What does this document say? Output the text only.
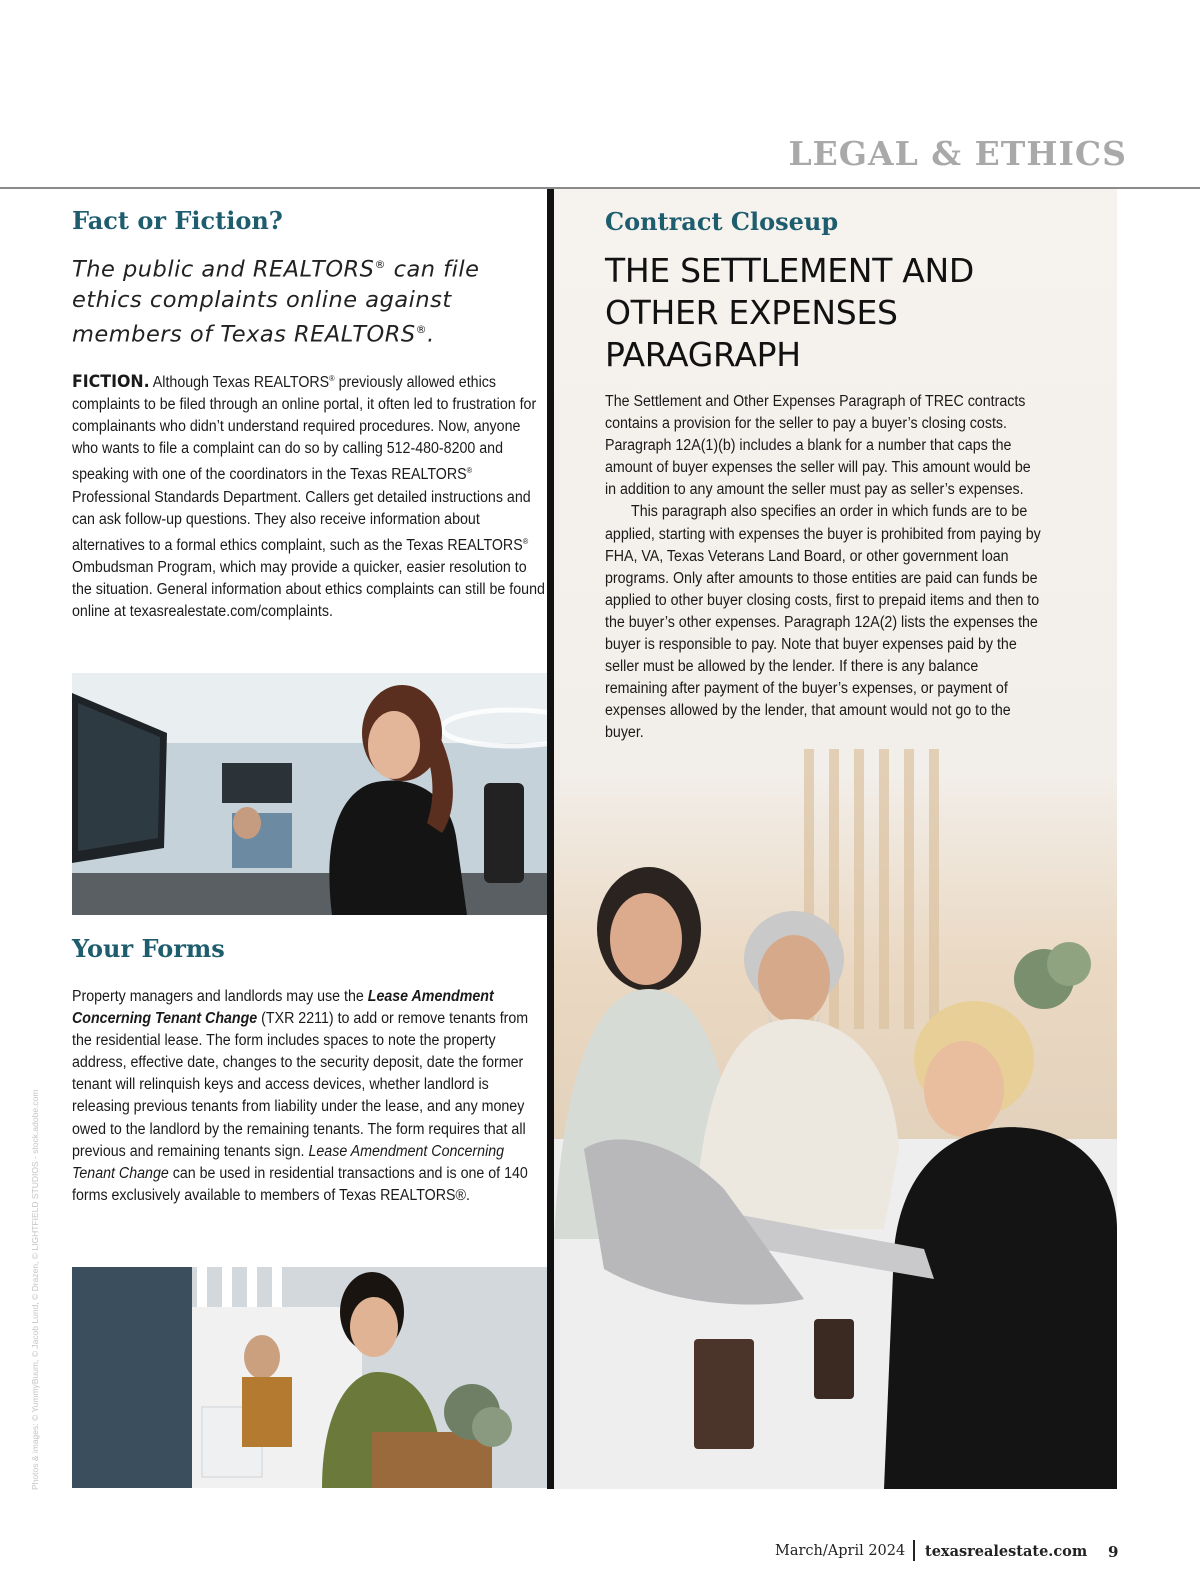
LEGAL & ETHICS
Fact or Fiction?
The public and REALTORS® can file ethics complaints online against members of Texas REALTORS®.
FICTION. Although Texas REALTORS® previously allowed ethics complaints to be filed through an online portal, it often led to frustration for complainants who didn’t understand required procedures. Now, anyone who wants to file a complaint can do so by calling 512-480-8200 and speaking with one of the coordinators in the Texas REALTORS® Professional Standards Department. Callers get detailed instructions and can ask follow-up questions. They also receive information about alternatives to a formal ethics complaint, such as the Texas REALTORS® Ombudsman Program, which may provide a quicker, easier resolution to the situation. General information about ethics complaints can still be found online at texasrealestate.com/complaints.
Your Forms
Property managers and landlords may use the Lease Amendment Concerning Tenant Change (TXR 2211) to add or remove tenants from the residential lease. The form includes spaces to note the property address, effective date, changes to the security deposit, date the former tenant will relinquish keys and access devices, whether landlord is releasing previous tenants from liability under the lease, and any money owed to the landlord by the remaining tenants. The form requires that all previous and remaining tenants sign. Lease Amendment Concerning Tenant Change can be used in residential transactions and is one of 140 forms exclusively available to members of Texas REALTORS®.
Photos & images: © YummyBuum, © Jacob Lund, © Drazen, © LIGHTFIELD STUDIOS - stock.adobe.com
Contract Closeup
THE SETTLEMENT AND OTHER EXPENSES PARAGRAPH

The Settlement and Other Expenses Paragraph of TREC contracts contains a provision for the seller to pay a buyer’s closing costs. Paragraph 12A(1)(b) includes a blank for a number that caps the amount of buyer expenses the seller will pay. This amount would be in addition to any amount the seller must pay as seller’s expenses.

This paragraph also specifies an order in which funds are to be applied, starting with expenses the buyer is prohibited from paying by FHA, VA, Texas Veterans Land Board, or other government loan programs. Only after amounts to those entities are paid can funds be applied to other buyer closing costs, first to prepaid items and then to the buyer’s other expenses. Paragraph 12A(2) lists the expenses the buyer is responsible to pay. Note that buyer expenses paid by the seller must be allowed by the lender. If there is any balance remaining after payment of the buyer’s expenses, or payment of expenses allowed by the lender, that amount would not go to the buyer.

March/April 2024 texasrealestate.com 9
